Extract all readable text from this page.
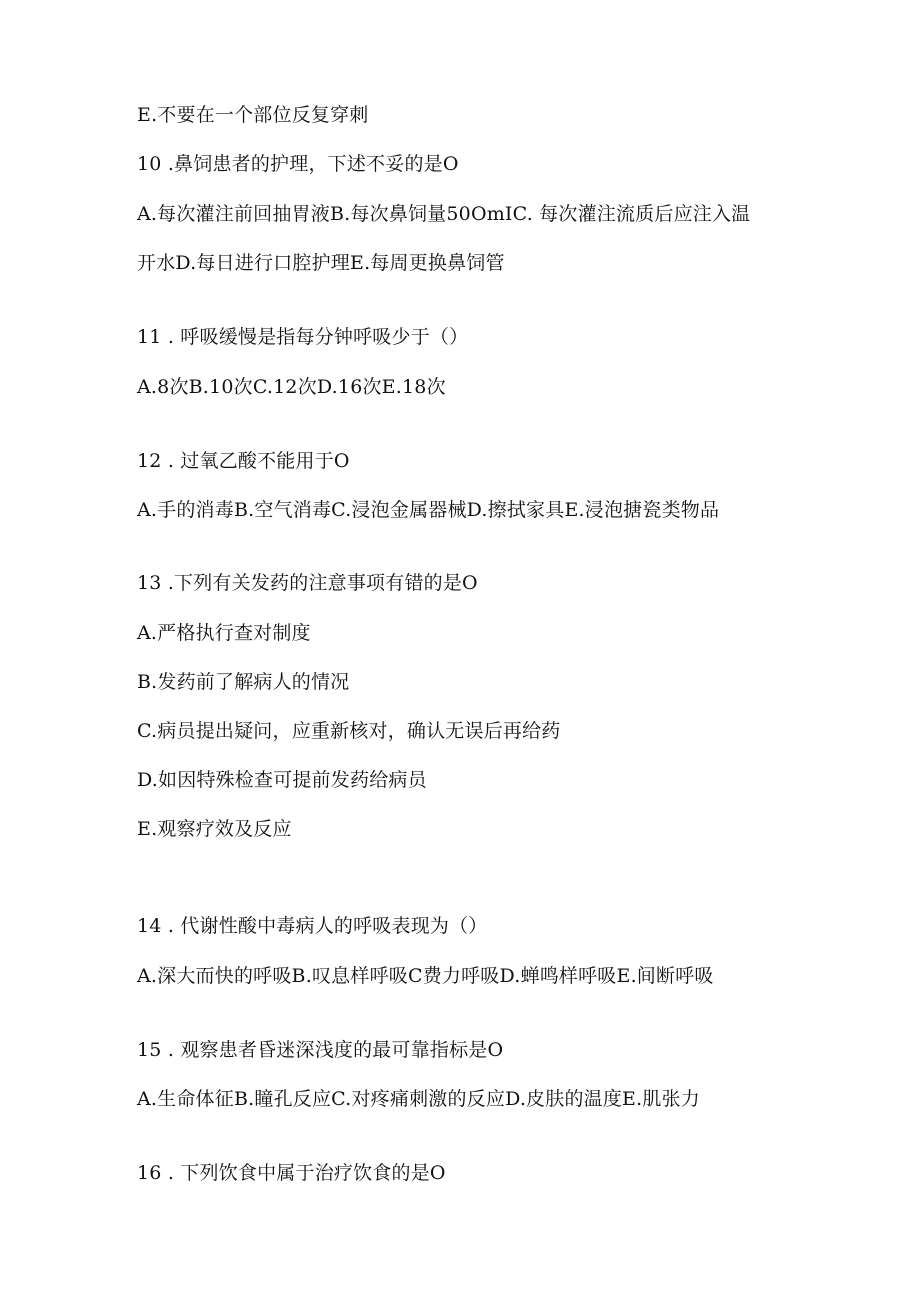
E.不要在一个部位反复穿刺
10 .鼻饲患者的护理，下述不妥的是O
A.每次灌注前回抽胃液B.每次鼻饲量50OmIC. 每次灌注流质后应注入温
开水D.每日进行口腔护理E.每周更换鼻饲管
11 . 呼吸缓慢是指每分钟呼吸少于（）
A.8次B.10次C.12次D.16次E.18次
12 . 过氧乙酸不能用于O
A.手的消毒B.空气消毒C.浸泡金属器械D.擦拭家具E.浸泡搪瓷类物品
13 .下列有关发药的注意事项有错的是O
A.严格执行查对制度
B.发药前了解病人的情况
C.病员提出疑问，应重新核对，确认无误后再给药
D.如因特殊检查可提前发药给病员
E.观察疗效及反应
14 . 代谢性酸中毒病人的呼吸表现为（）
A.深大而快的呼吸B.叹息样呼吸C费力呼吸D.蝉鸣样呼吸E.间断呼吸
15 . 观察患者昏迷深浅度的最可靠指标是O
A.生命体征B.瞳孔反应C.对疼痛刺激的反应D.皮肤的温度E.肌张力
16 . 下列饮食中属于治疗饮食的是O
